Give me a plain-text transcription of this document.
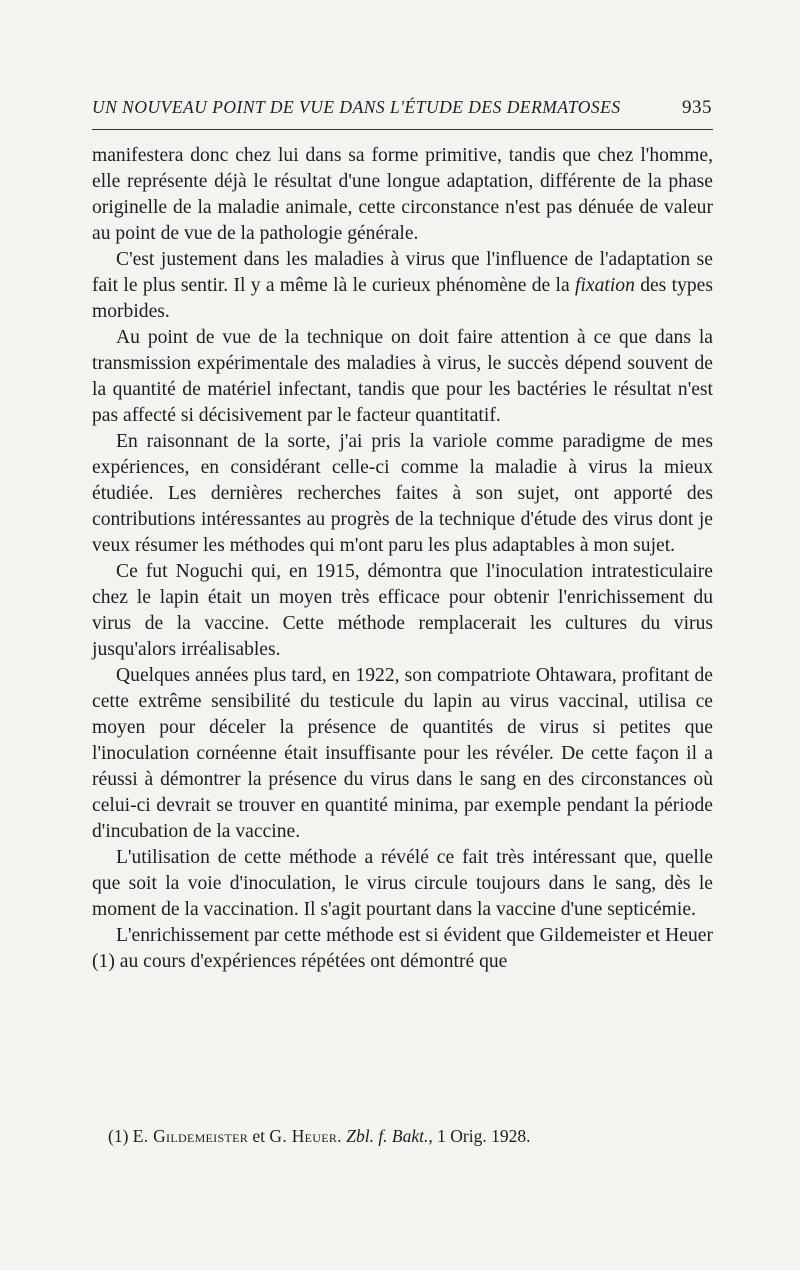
UN NOUVEAU POINT DE VUE DANS L'ÉTUDE DES DERMATOSES	935

manifestera donc chez lui dans sa forme primitive, tandis que chez l'homme, elle représente déjà le résultat d'une longue adaptation, différente de la phase originelle de la maladie animale, cette circonstance n'est pas dénuée de valeur au point de vue de la pathologie générale.

C'est justement dans les maladies à virus que l'influence de l'adaptation se fait le plus sentir. Il y a même là le curieux phénomène de la fixation des types morbides.

Au point de vue de la technique on doit faire attention à ce que dans la transmission expérimentale des maladies à virus, le succès dépend souvent de la quantité de matériel infectant, tandis que pour les bactéries le résultat n'est pas affecté si décisivement par le facteur quantitatif.

En raisonnant de la sorte, j'ai pris la variole comme paradigme de mes expériences, en considérant celle-ci comme la maladie à virus la mieux étudiée. Les dernières recherches faites à son sujet, ont apporté des contributions intéressantes au progrès de la technique d'étude des virus dont je veux résumer les méthodes qui m'ont paru les plus adaptables à mon sujet.

Ce fut Noguchi qui, en 1915, démontra que l'inoculation intratesticulaire chez le lapin était un moyen très efficace pour obtenir l'enrichissement du virus de la vaccine. Cette méthode remplacerait les cultures du virus jusqu'alors irréalisables.

Quelques années plus tard, en 1922, son compatriote Ohtawara, profitant de cette extrême sensibilité du testicule du lapin au virus vaccinal, utilisa ce moyen pour déceler la présence de quantités de virus si petites que l'inoculation cornéenne était insuffisante pour les révéler. De cette façon il a réussi à démontrer la présence du virus dans le sang en des circonstances où celui-ci devrait se trouver en quantité minima, par exemple pendant la période d'incubation de la vaccine.

L'utilisation de cette méthode a révélé ce fait très intéressant que, quelle que soit la voie d'inoculation, le virus circule toujours dans le sang, dès le moment de la vaccination. Il s'agit pourtant dans la vaccine d'une septicémie.

L'enrichissement par cette méthode est si évident que Gildemeister et Heuer (1) au cours d'expériences répétées ont démontré que

(1) E. Gildemeister et G. Heuer. Zbl. f. Bakt., 1 Orig. 1928.
